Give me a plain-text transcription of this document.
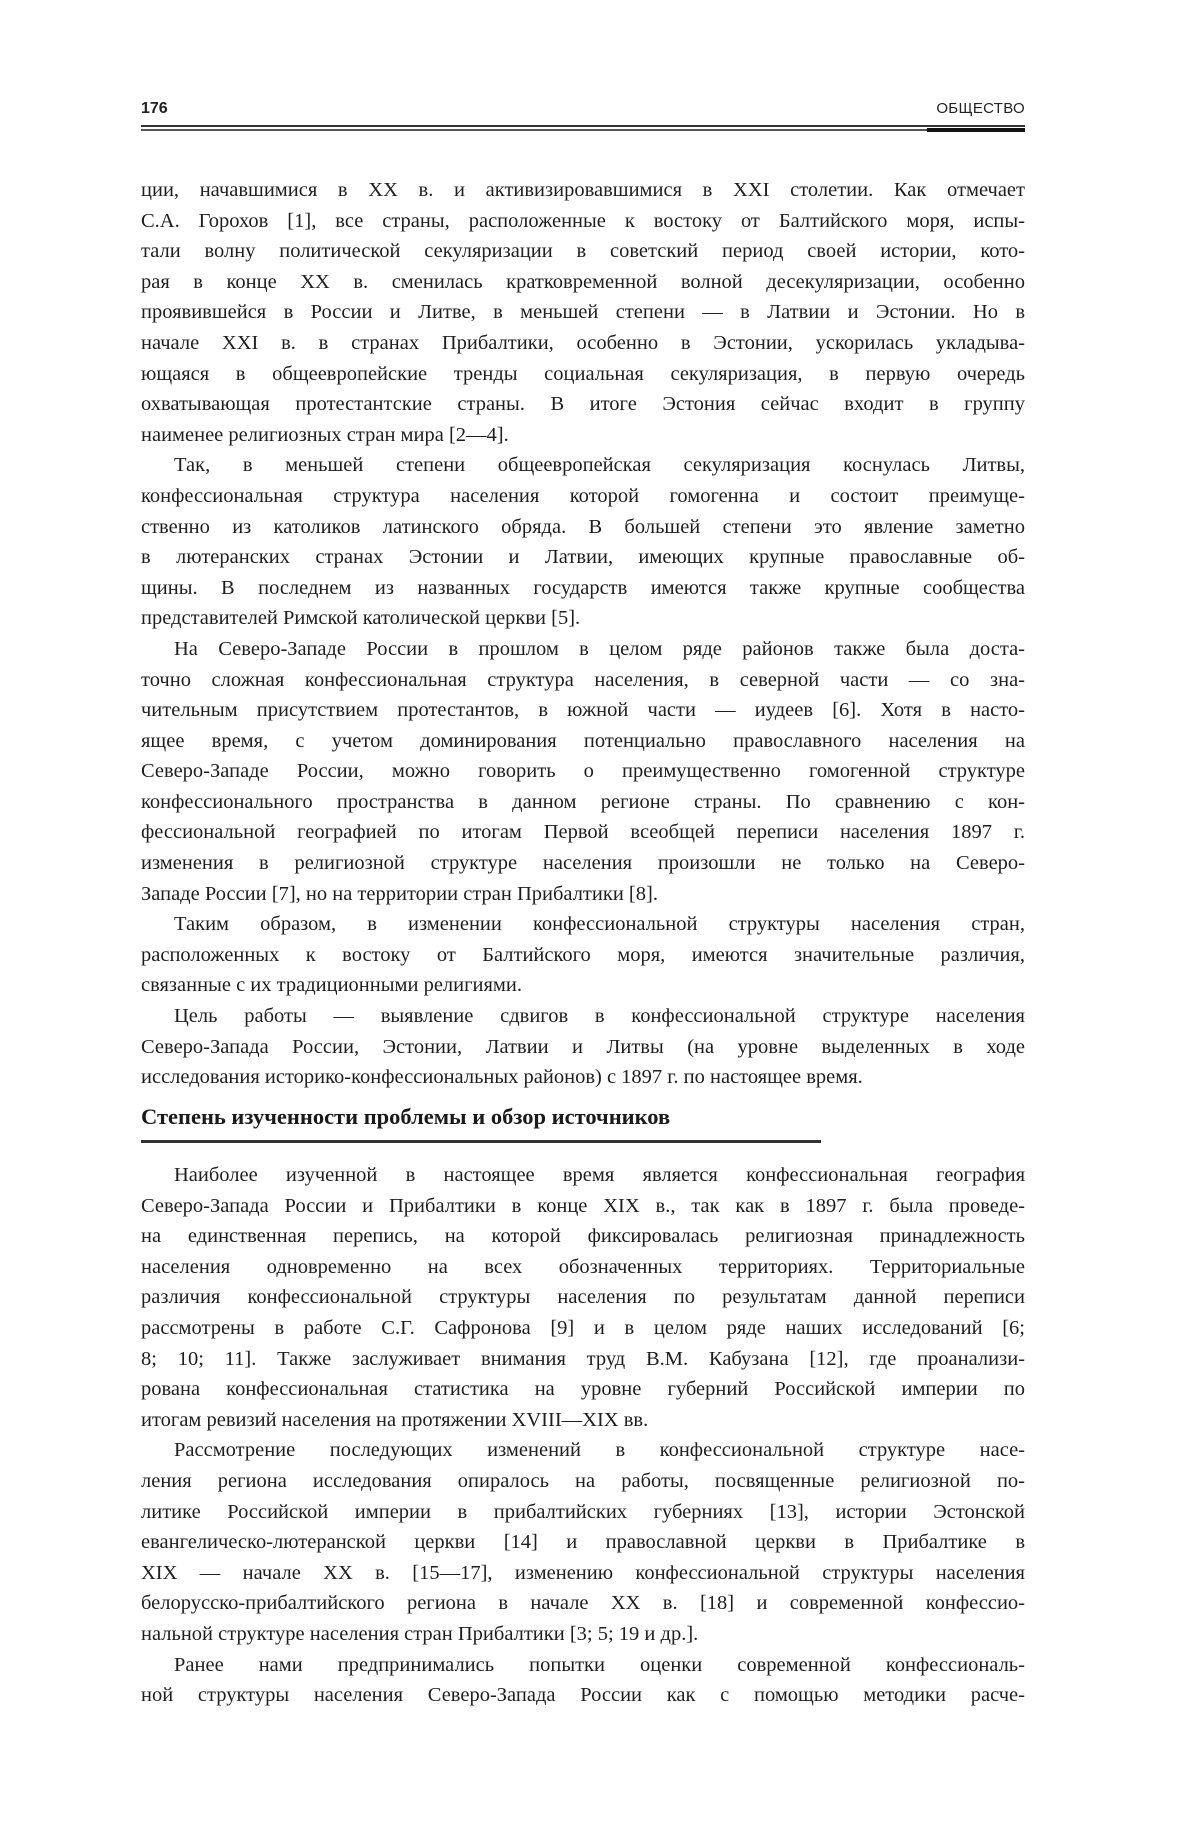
176	ОБЩЕСТВО
ции, начавшимися в XX в. и активизировавшимися в XXI столетии. Как отмечает
С.А. Горохов [1], все страны, расположенные к востоку от Балтийского моря, испы-
тали волну политической секуляризации в советский период своей истории, кото-
рая в конце XX в. сменилась кратковременной волной десекуляризации, особенно
проявившейся в России и Литве, в меньшей степени — в Латвии и Эстонии. Но в
начале XXI в. в странах Прибалтики, особенно в Эстонии, ускорилась укладыва-
ющаяся в общеевропейские тренды социальная секуляризация, в первую очередь
охватывающая протестантские страны. В итоге Эстония сейчас входит в группу
наименее религиозных стран мира [2—4].
Так, в меньшей степени общеевропейская секуляризация коснулась Литвы,
конфессиональная структура населения которой гомогенна и состоит преимуще-
ственно из католиков латинского обряда. В большей степени это явление заметно
в лютеранских странах Эстонии и Латвии, имеющих крупные православные об-
щины. В последнем из названных государств имеются также крупные сообщества
представителей Римской католической церкви [5].
На Северо-Западе России в прошлом в целом ряде районов также была доста-
точно сложная конфессиональная структура населения, в северной части — со зна-
чительным присутствием протестантов, в южной части — иудеев [6]. Хотя в насто-
ящее время, с учетом доминирования потенциально православного населения на
Северо-Западе России, можно говорить о преимущественно гомогенной структуре
конфессионального пространства в данном регионе страны. По сравнению с кон-
фессиональной географией по итогам Первой всеобщей переписи населения 1897 г.
изменения в религиозной структуре населения произошли не только на Северо-
Западе России [7], но на территории стран Прибалтики [8].
Таким образом, в изменении конфессиональной структуры населения стран,
расположенных к востоку от Балтийского моря, имеются значительные различия,
связанные с их традиционными религиями.
Цель работы — выявление сдвигов в конфессиональной структуре населения
Северо-Запада России, Эстонии, Латвии и Литвы (на уровне выделенных в ходе
исследования историко-конфессиональных районов) с 1897 г. по настоящее время.
Степень изученности проблемы и обзор источников
Наиболее изученной в настоящее время является конфессиональная география
Северо-Запада России и Прибалтики в конце XIX в., так как в 1897 г. была проведе-
на единственная перепись, на которой фиксировалась религиозная принадлежность
населения одновременно на всех обозначенных территориях. Территориальные
различия конфессиональной структуры населения по результатам данной переписи
рассмотрены в работе С.Г. Сафронова [9] и в целом ряде наших исследований [6;
8; 10; 11]. Также заслуживает внимания труд В.М. Кабузана [12], где проанализи-
рована конфессиональная статистика на уровне губерний Российской империи по
итогам ревизий населения на протяжении XVIII—XIX вв.
Рассмотрение последующих изменений в конфессиональной структуре насе-
ления региона исследования опиралось на работы, посвященные религиозной по-
литике Российской империи в прибалтийских губерниях [13], истории Эстонской
евангелическо-лютеранской церкви [14] и православной церкви в Прибалтике в
XIX — начале XX в. [15—17], изменению конфессиональной структуры населения
белорусско-прибалтийского региона в начале XX в. [18] и современной конфессио-
нальной структуре населения стран Прибалтики [3; 5; 19 и др.].
Ранее нами предпринимались попытки оценки современной конфессиональ-
ной структуры населения Северо-Запада России как с помощью методики расче-
